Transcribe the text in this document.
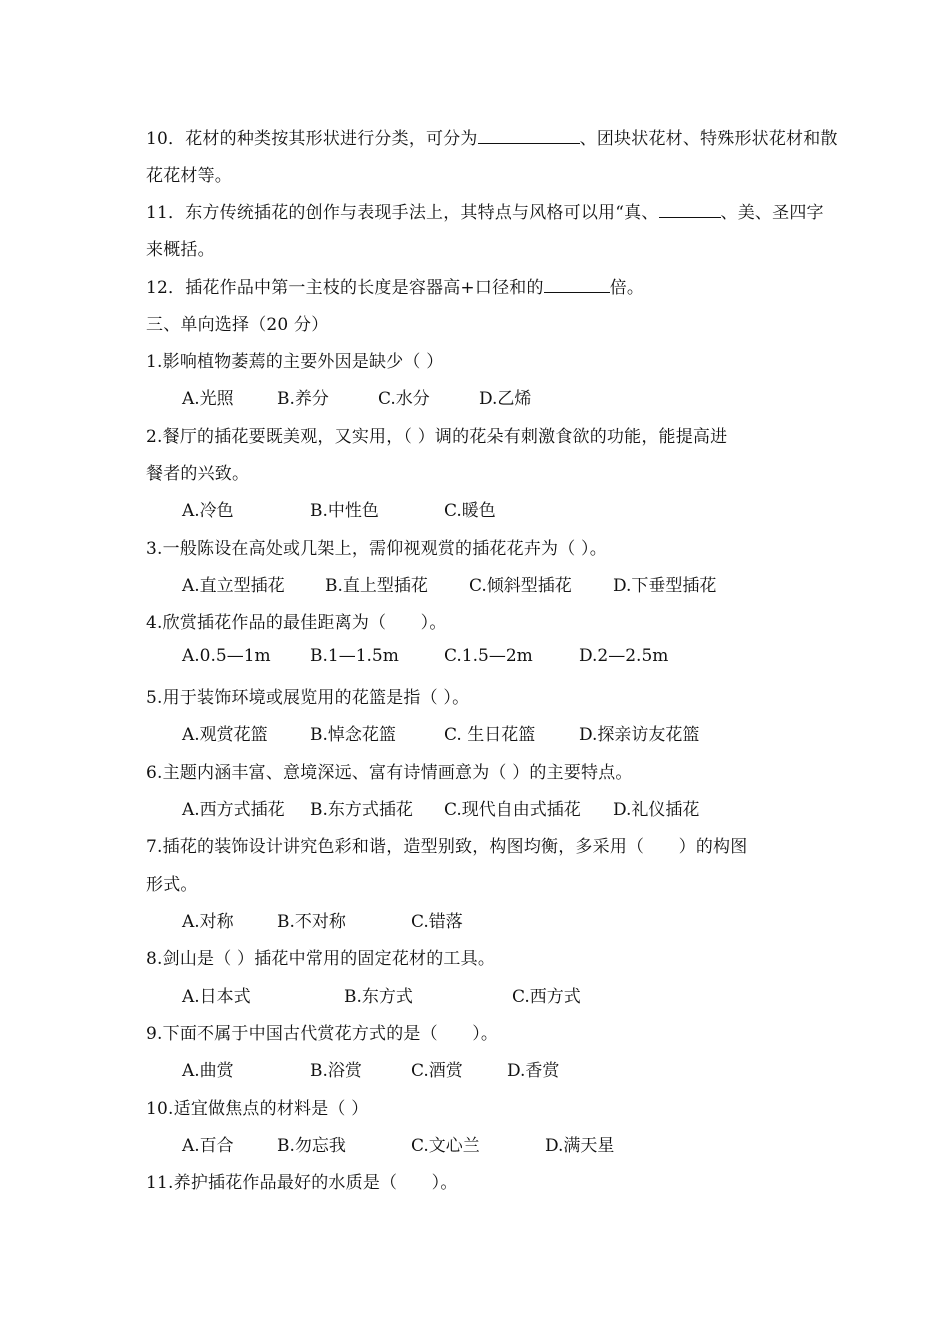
10．花材的种类按其形状进行分类，可分为	、团块状花材、特殊形状花材和散
花花材等。
11．东方传统插花的创作与表现手法上，其特点与风格可以用“真、	、美、圣四字
来概括。
12．插花作品中第一主枝的长度是容器高+口径和的	倍。
三、单向选择（20 分）
1.影响植物萎蔫的主要外因是缺少（ ）
A.光照	B.养分	C.水分	D.乙烯
2.餐厅的插花要既美观，又实用，（ ）调的花朵有刺激食欲的功能，能提高进
餐者的兴致。
A.冷色	B.中性色	C.暖色
3.一般陈设在高处或几架上，需仰视观赏的插花花卉为（ ）。
A.直立型插花 B.直上型插花 C.倾斜型插花 D.下垂型插花
4.欣赏插花作品的最佳距离为（　　）。
A.0.5—1m B.1—1.5m	C.1.5—2m	D.2—2.5m
5.用于装饰环境或展览用的花篮是指（ ）。
A.观赏花篮 B.悼念花篮	C. 生日花篮	D.探亲访友花篮
6.主题内涵丰富、意境深远、富有诗情画意为（ ）的主要特点。
A.西方式插花 B.东方式插花 C.现代自由式插花 D.礼仪插花
7.插花的装饰设计讲究色彩和谐，造型别致，构图均衡，多采用（　　）的构图
形式。
A.对称	B.不对称	C.错落
8.剑山是（ ）插花中常用的固定花材的工具。
A.日本式	B.东方式	C.西方式
9.下面不属于中国古代赏花方式的是（　　）。
A.曲赏	B.浴赏	C.酒赏	D.香赏
10.适宜做焦点的材料是（ ）
A.百合	B.勿忘我	C.文心兰	D.满天星
11.养护插花作品最好的水质是（　　）。
